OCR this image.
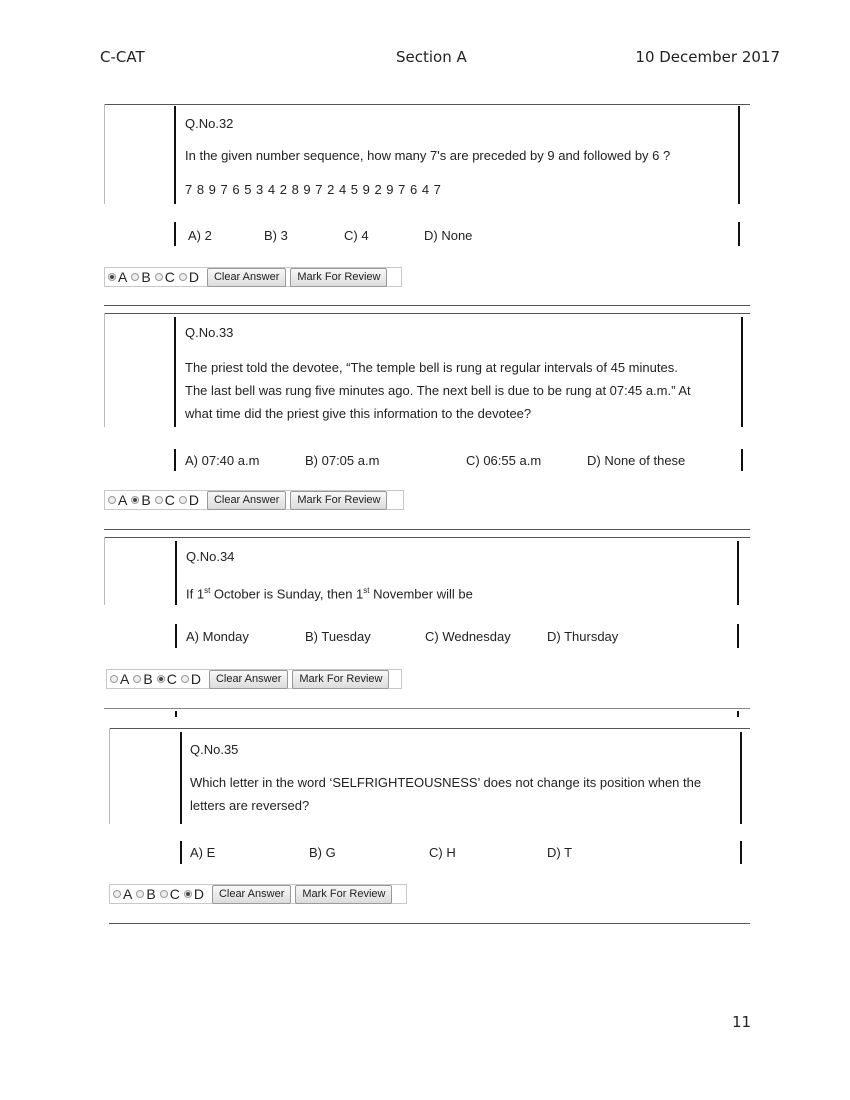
C-CAT	Section A	10 December 2017
Q.No.32
In the given number sequence, how many 7's are preceded by 9 and followed by 6 ?
7 8 9 7 6 5 3 4 2 8 9 7 2 4 5 9 2 9 7 6 4 7
A) 2	B) 3	C) 4	D) None
A B C D	Clear Answer	Mark For Review
Q.No.33
The priest told the devotee, “The temple bell is rung at regular intervals of 45 minutes.
The last bell was rung five minutes ago. The next bell is due to be rung at 07:45 a.m.” At
what time did the priest give this information to the devotee?
A) 07:40 a.m	B) 07:05 a.m	C) 06:55 a.m	D) None of these
A B C D	Clear Answer	Mark For Review
Q.No.34
If 1st October is Sunday, then 1st November will be
A) Monday	B) Tuesday	C) Wednesday	D) Thursday
A B C D	Clear Answer	Mark For Review
Q.No.35
Which letter in the word ‘SELFRIGHTEOUSNESS’ does not change its position when the
letters are reversed?
A) E	B) G	C) H	D) T
A B C D	Clear Answer	Mark For Review
11
